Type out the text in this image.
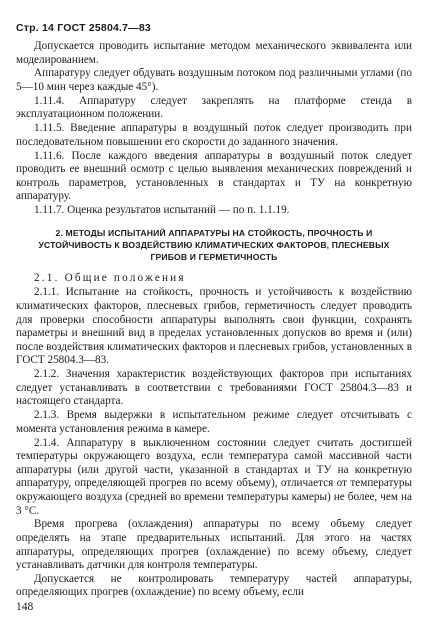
Стр. 14 ГОСТ 25804.7—83

Допускается проводить испытание методом механического эквивалента или моделированием.

Аппаратуру следует обдувать воздушным потоком под различными углами (по 5—10 мин через каждые 45°).

1.11.4. Аппаратуру следует закреплять на платформе стенда в эксплуатационном положении.

1.11.5. Введение аппаратуры в воздушный поток следует производить при последовательном повышении его скорости до заданного значения.

1.11.6. После каждого введения аппаратуры в воздушный поток следует проводить ее внешний осмотр с целью выявления механических повреждений и контроль параметров, установленных в стандартах и ТУ на конкретную аппаратуру.

1.11.7. Оценка результатов испытаний — по п. 1.1.19.

2. МЕТОДЫ ИСПЫТАНИЙ АППАРАТУРЫ НА СТОЙКОСТЬ, ПРОЧНОСТЬ И УСТОЙЧИВОСТЬ К ВОЗДЕЙСТВИЮ КЛИМАТИЧЕСКИХ ФАКТОРОВ, ПЛЕСНЕВЫХ ГРИБОВ И ГЕРМЕТИЧНОСТЬ

2.1. Общие положения

2.1.1. Испытание на стойкость, прочность и устойчивость к воздействию климатических факторов, плесневых грибов, герметичность следует проводить для проверки способности аппаратуры выполнять свои функции, сохранять параметры и внешний вид в пределах установленных допусков во время и (или) после воздействия климатических факторов и плесневых грибов, установленных в ГОСТ 25804.3—83.

2.1.2. Значения характеристик воздействующих факторов при испытаниях следует устанавливать в соответствии с требованиями ГОСТ 25804.3—83 и настоящего стандарта.

2.1.3. Время выдержки в испытательном режиме следует отсчитывать с момента установления режима в камере.

2.1.4. Аппаратуру в выключенном состоянии следует считать достигшей температуры окружающего воздуха, если температура самой массивной части аппаратуры (или другой части, указанной в стандартах и ТУ на конкретную аппаратуру, определяющей прогрев по всему объему), отличается от температуры окружающего воздуха (средней во времени температуры камеры) не более, чем на 3 °С.

Время прогрева (охлаждения) аппаратуры по всему объему следует определять на этапе предварительных испытаний. Для этого на частях аппаратуры, определяющих прогрев (охлаждение) по всему объему, следует устанавливать датчики для контроля температуры.

Допускается не контролировать температуру частей аппаратуры, определяющих прогрев (охлаждение) по всему объему, если

148
